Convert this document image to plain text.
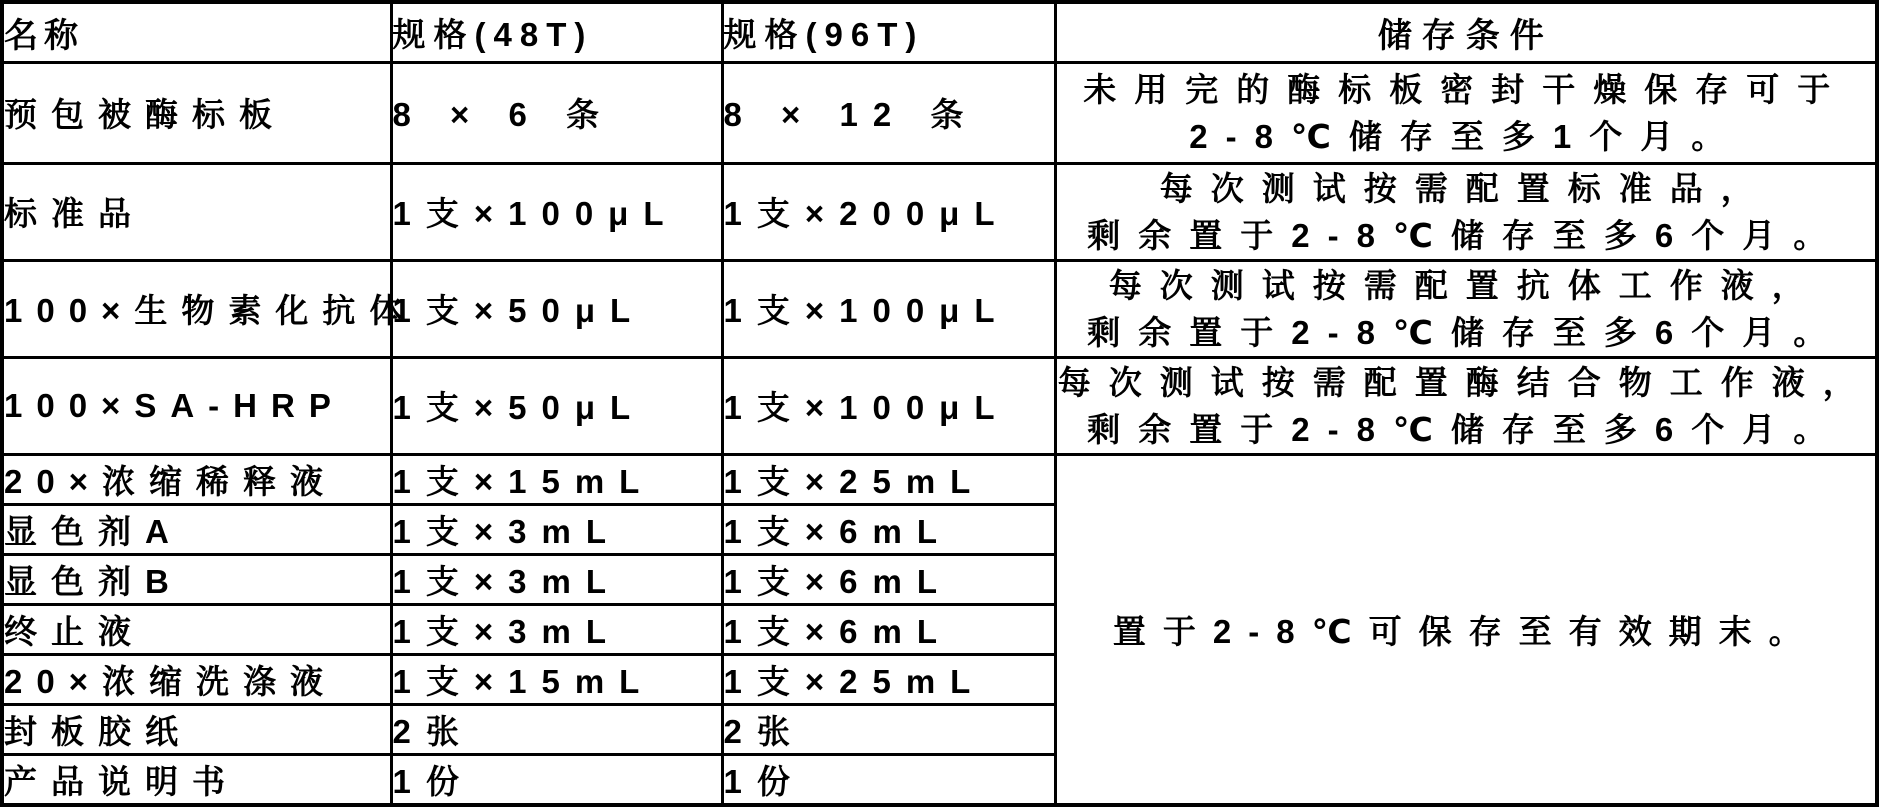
名称	规格(48T)	规格(96T)	储存条件
预包被酶标板	8 × 6 条	8 × 12 条	未用完的酶标板密封干燥保存可于
2-8℃储存至多1个月。

标准品	1支×100μL	1支×200μL	每次测试按需配置标准品，
剩余置于2-8℃储存至多6个月。

100×生物素化抗体	1支×50μL	1支×100μL	每次测试按需配置抗体工作液，
剩余置于2-8℃储存至多6个月。

100×SA-HRP	1支×50μL	1支×100μL	每次测试按需配置酶结合物工作液，
剩余置于2-8℃储存至多6个月。

20×浓缩稀释液	1支×15mL	1支×25mL	置于2-8℃可保存至有效期末。
显色剂A	1支×3mL	1支×6mL	
显色剂B	1支×3mL	1支×6mL	
终止液	1支×3mL	1支×6mL	
20×浓缩洗涤液	1支×15mL	1支×25mL	
封板胶纸	2张	2张	
产品说明书	1份	1份	
